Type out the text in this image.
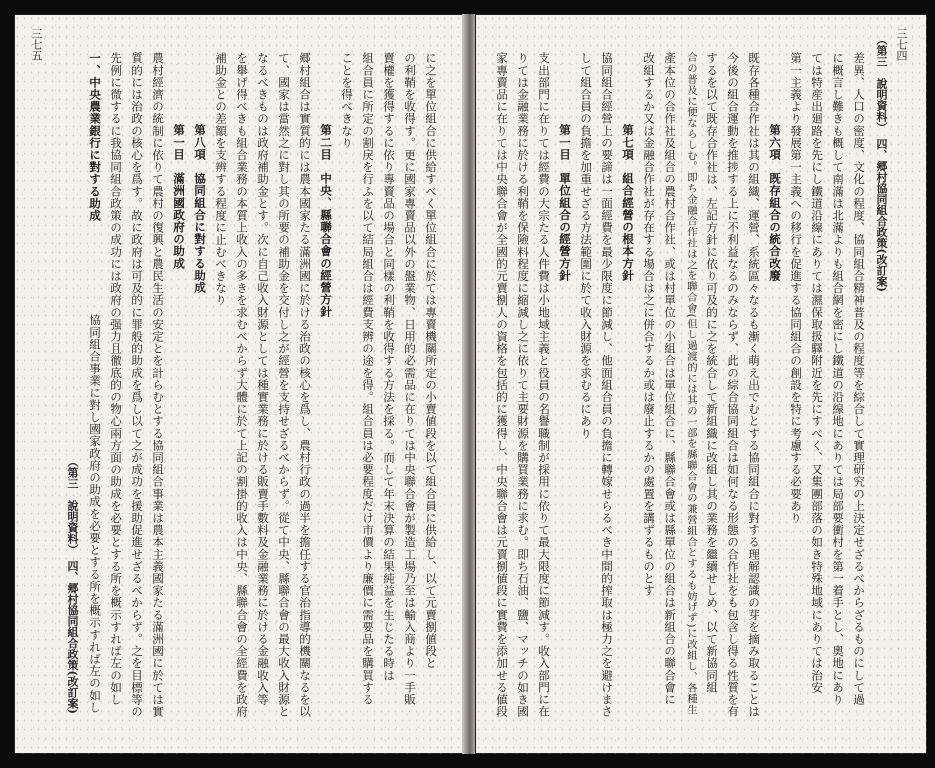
三七五
（第三　說明資料）　四、郷村協同組合政策(改訂案)	に之を單位組合に供給すべく單位組合に於ては專賣機關所定の小賣値段を以て組合員に供給し、以て元賣捌値段と
の利鞘を收得す。更に國家專賣品以外の盤業物、日用的必需品に在りては中央聯合會が製造工場乃至は輸入商より一手販
賣權を獲得するに依り專賣品の場合と同樣の利鞘を收得する方法を採る。而して年末決算の結果純益を生じたる時は
組合員に所定の割戾を行ふを以て結局組合は經費支辨の途を得。組合員は必要程度だけ市價より廉價に需要品を購買する
ことを得べきなり
第二目　中央、縣聯合會の經營方針
郷村組合は實質的には農本國家たる滿洲國に於ける治政の核心を爲し、農村行政の過半を擔任する官治指導的機關なるを以
て、國家は當然之に對し其の所要の補助金を交付し之が經營を支持せざるべからず。從て中央、縣聯合會の最大收入財源と
なるべきものは政府補助金とす。次に自己收入財源としては種實業務に於ける販賣手數料及金融業務に於ける金融收入等
を舉げ得べきも組合業務の本質上收入の多きを求むべからず大體に於て上記の割掛的收入は中央、縣聯合會の全經費を政府
補助金との差額を支辨する程度に止むべきなり
第八項　協同組合に對する助成
第一目　滿洲國政府の助成
農村經濟の統制に依りて農村の復興と農民生活の安定とを計らむとする協同組合事業は農本主義國家たる滿洲國に於ては實
質的には治政の核心を爲す。故に政府は可及的に罪般的助成を爲し以て之が成功を援助促進せざるべからず。之を目標等の
先例に微するに我協同組合政策の成功には政府の强力且徹底的の物心兩方面の助成を必要とする所を概示すれば左の如し
協同組合事業に對し國家政府の助成を必要とする所を概示すれば左の如し
一、中央農業銀行に對する助成
三七四
（第三　說明資料）　四、郷村協同組合政策(改訂案)
差異、人口の密度、文化の程度、協同組合精神普及の程度等を綜合して實理研究の上決定せざるべからざるものにして過
に概言し難きも概して南滿は北滿よりも組合網を密にし鐵道の沿線地にありては局部要衝村を第一着手とし、奧地にあり
ては特産出廻路を先にし鐵道沿線にありては濕保取扱驛附近を先にすべく、又集團部落の如き特殊地域にありては治安
第一主義より發展第一主義への移行を促進する協同組合の創設を特に考慮する必要あり
第六項　既存組合の統合改廢
既存各種合作社は其の組織、運營、系統區々なるも漸く萌え出でむとする協同組合に對する理解認識の芽を摘み取ることは
今後の組合運動を推捗する上に不利益なるのみならず、此の綜合協同組合は如何なる形態の合作社をも包含し得る性質を有
するを以て既存合作社は、左記方針に依り可及的に之を統合して新組織に改組し其の業務を繼續せしめ、以て新協同組
合の普及に便ならしむ。即ち金融合作社は之を聯合會(但し過渡的には其の一部を縣聯合會の兼營組合とするも妨げず)に改組し、各種生
產本位の合作社及組合の農村合作社、或は村單位の小組合は單位組合に、縣聯合會或は縣單位の組合は新組合の聯合會に
改組するか又は金融合作社が存在する場合は之に併合するか或は廢止するかの處置を講ずるものとす
第七項　組合經營の根本方針
協同組合經營上の要諦は一面經費を最少限度に節減し、他面組合員の負擔に轉嫁せらるべき中間的搾取は極力之を避けまさ
して組合員の負擔を加重せざる方法範圍に於て收入財源を求むるにあり
第一目　單位組合の經營方針
支出部門に在りては經費の大宗たる人件費は小地域主義と役員の名譽職制が採用に依りて最大限度に節減す。收入部門に在
りては金融業務に於ける利鞘を保險料程度に縮減し之に依りて主要財源を購買業務に求む。即ち石油、鹽、マッチの如き國
家專賣品に在りては中央聯合會が全國的元賣捌人の資格を包括的に獲得し、中央聯合會は元賣捌値段に實費を添加せる値段
